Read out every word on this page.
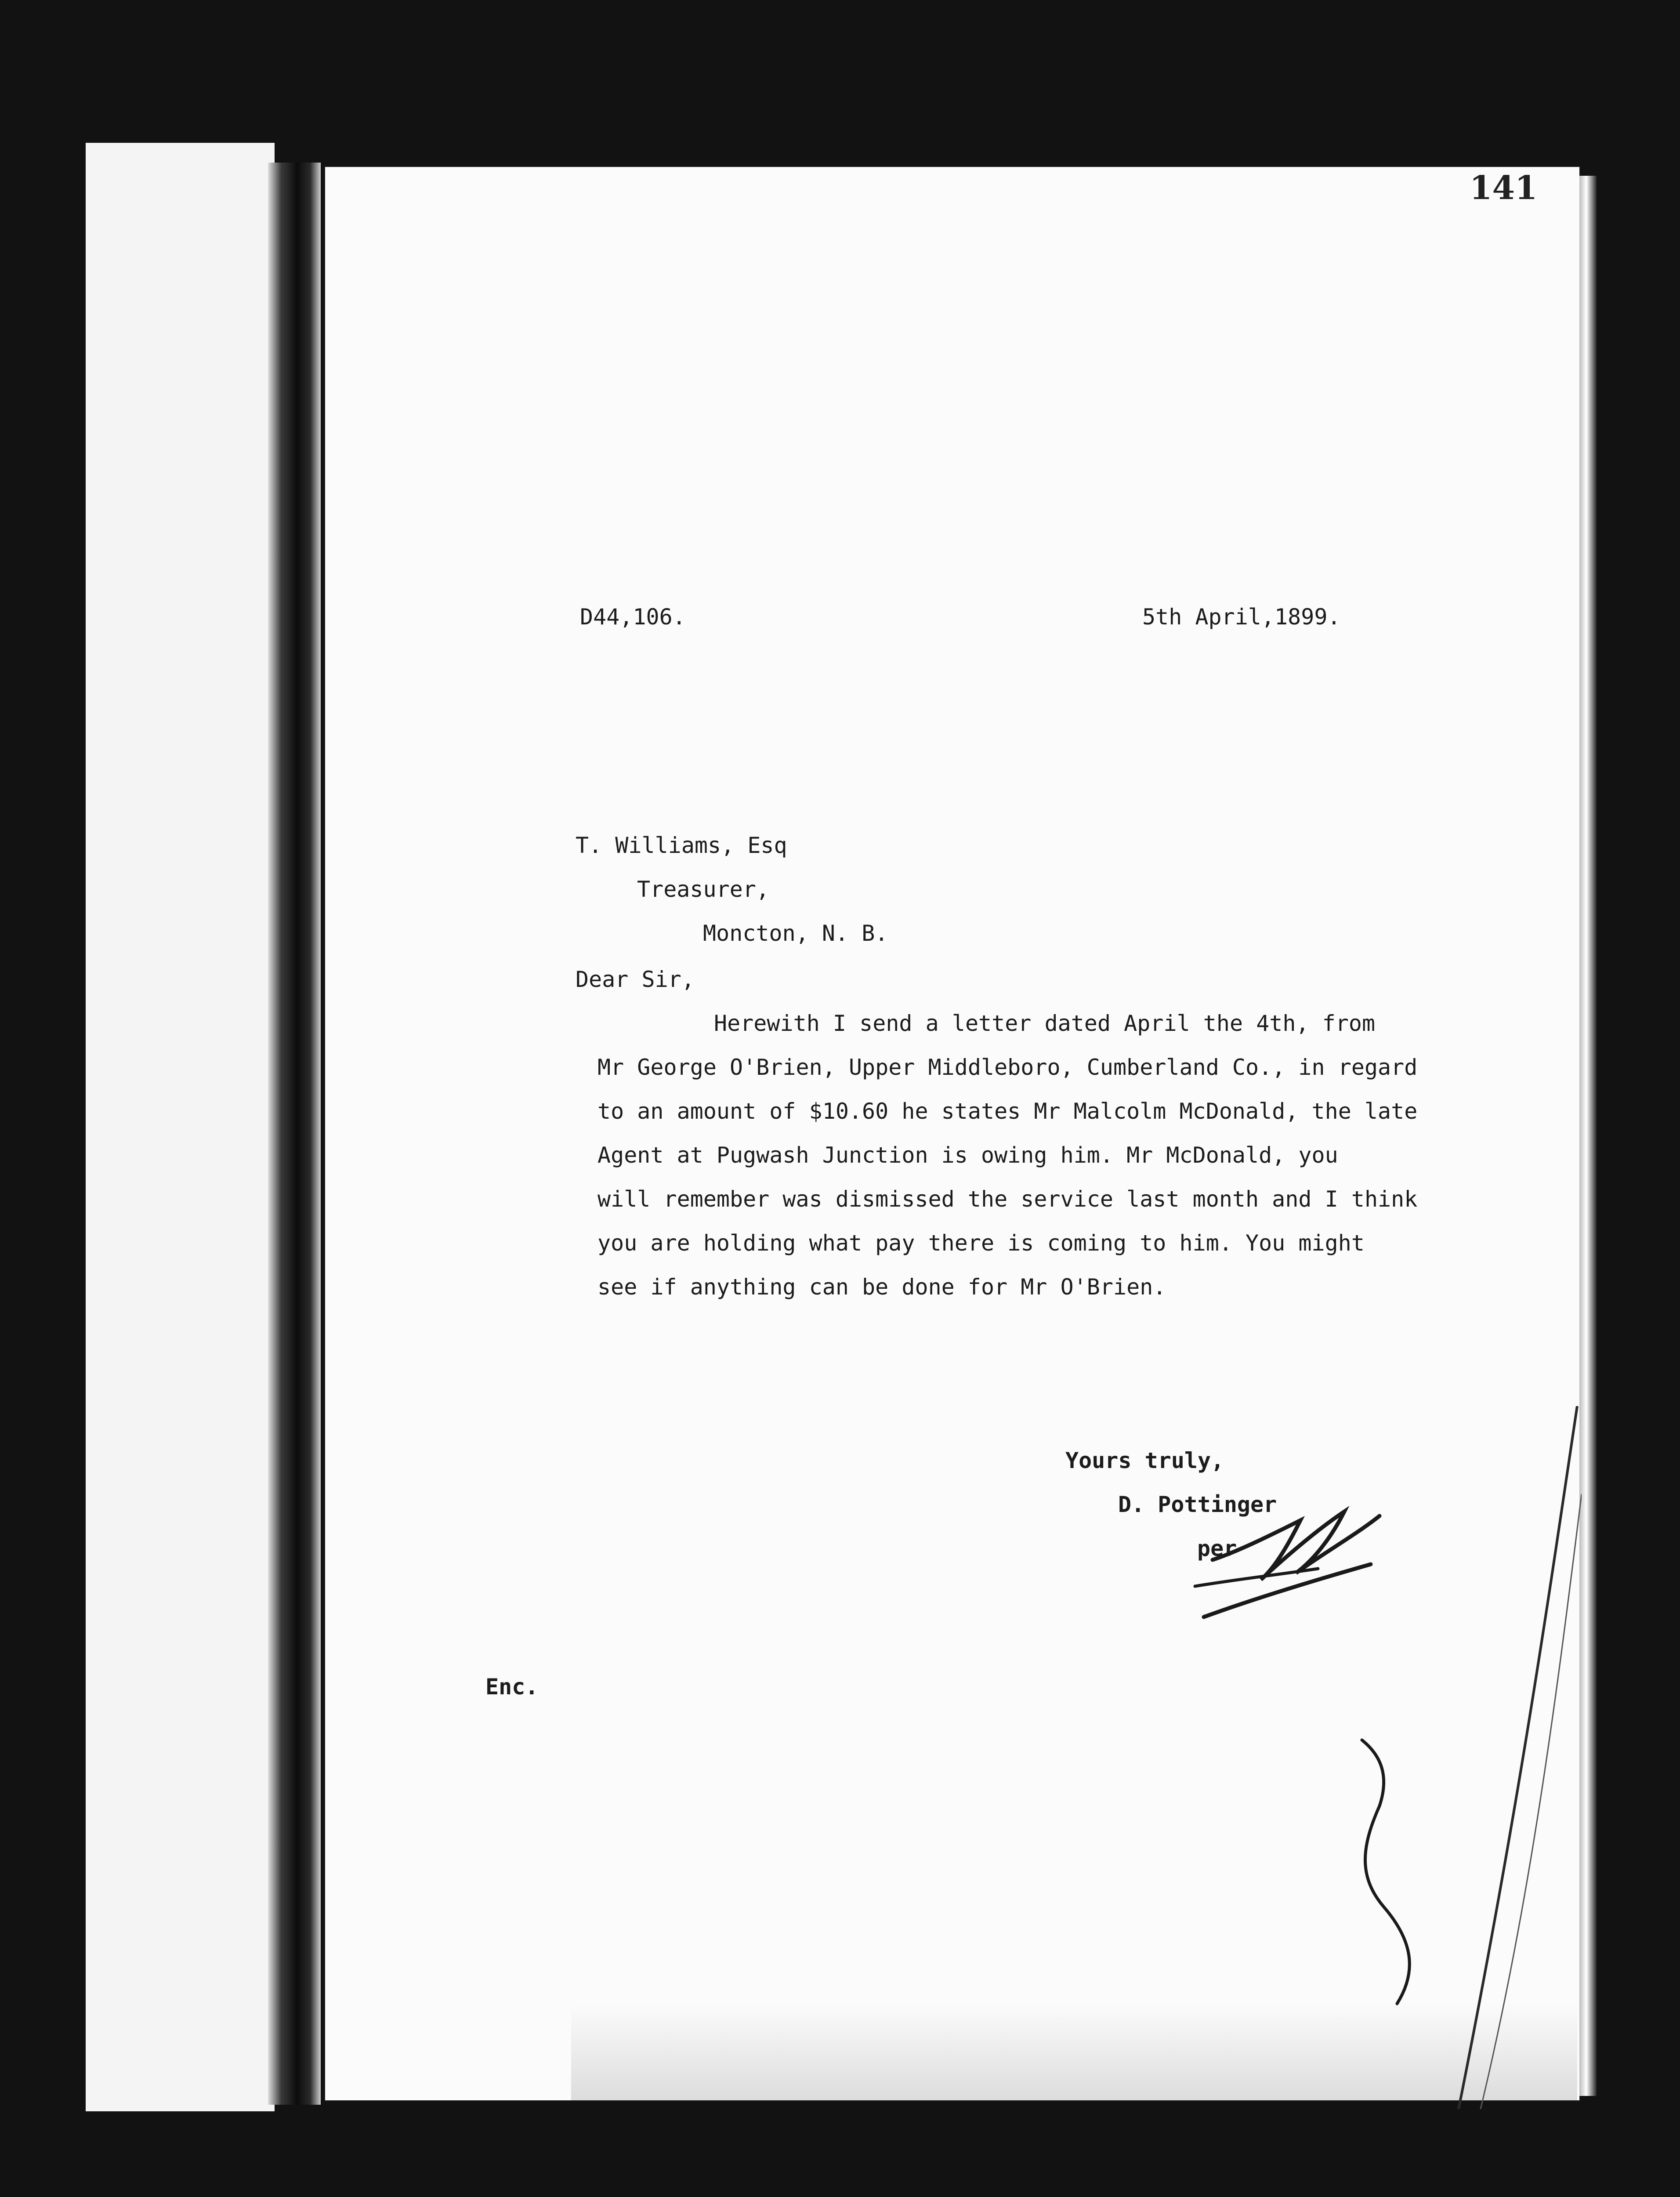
141
D44,106.	5th April,1899.
T. Williams, Esq
Treasurer,
Moncton, N. B.
Dear Sir,
Herewith I send a letter dated April the 4th, from
Mr George O'Brien, Upper Middleboro, Cumberland Co., in regard
to an amount of $10.60 he states Mr Malcolm McDonald, the late
Agent at Pugwash Junction is owing him. Mr McDonald, you
will remember was dismissed the service last month and I think
you are holding what pay there is coming to him. You might
see if anything can be done for Mr O'Brien.
Yours truly,
D. Pottinger
per
Enc.
